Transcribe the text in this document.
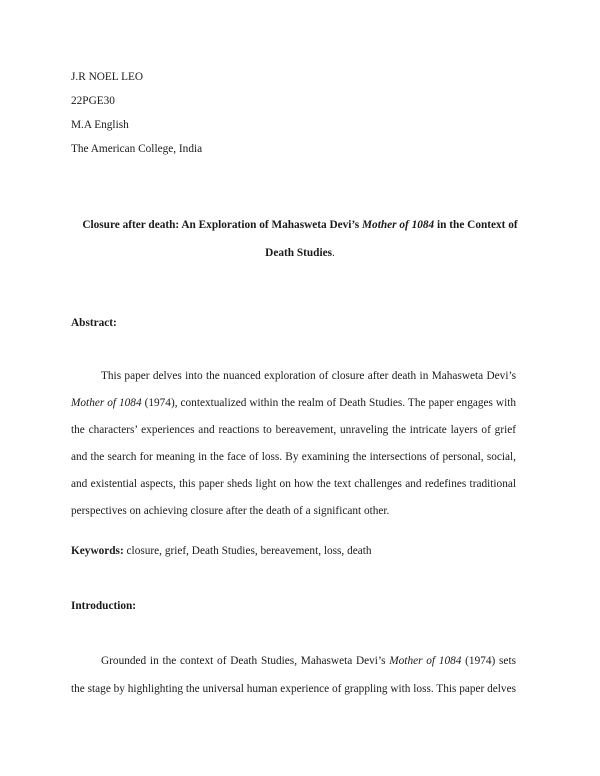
J.R NOEL LEO
22PGE30
M.A English
The American College, India
Closure after death: An Exploration of Mahasweta Devi’s Mother of 1084 in the Context of
Death Studies.
Abstract:
This paper delves into the nuanced exploration of closure after death in Mahasweta Devi’s
Mother of 1084 (1974), contextualized within the realm of Death Studies. The paper engages with
the characters’ experiences and reactions to bereavement, unraveling the intricate layers of grief
and the search for meaning in the face of loss. By examining the intersections of personal, social,
and existential aspects, this paper sheds light on how the text challenges and redefines traditional
perspectives on achieving closure after the death of a significant other.
Keywords: closure, grief, Death Studies, bereavement, loss, death
Introduction:
Grounded in the context of Death Studies, Mahasweta Devi’s Mother of 1084 (1974) sets
the stage by highlighting the universal human experience of grappling with loss. This paper delves
